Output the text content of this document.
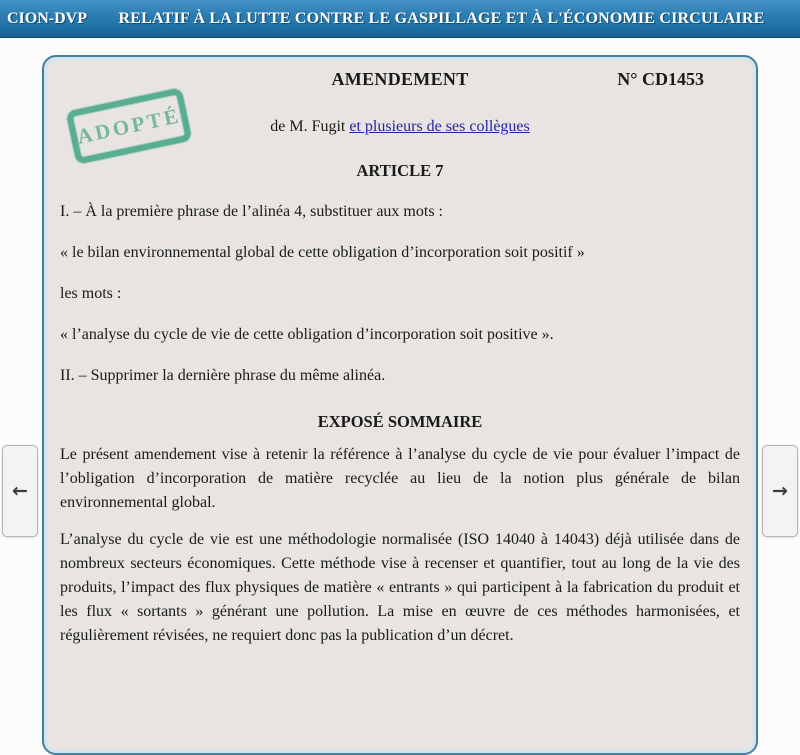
CION-DVP	RELATIF À LA LUTTE CONTRE LE GASPILLAGE ET À L'ÉCONOMIE CIRCULAIRE
AMENDEMENT	N° CD1453
ADOPTÉ	de M. Fugit et plusieurs de ses collègues

ARTICLE 7

I. – À la première phrase de l’alinéa 4, substituer aux mots :

« le bilan environnemental global de cette obligation d’incorporation soit positif »

les mots :

« l’analyse du cycle de vie de cette obligation d’incorporation soit positive ».

II. – Supprimer la dernière phrase du même alinéa.

EXPOSÉ SOMMAIRE

Le présent amendement vise à retenir la référence à l’analyse du cycle de vie pour évaluer l’impact de l’obligation d’incorporation de matière recyclée au lieu de la notion plus générale de bilan environnemental global.

L’analyse du cycle de vie est une méthodologie normalisée (ISO 14040 à 14043) déjà utilisée dans de nombreux secteurs économiques. Cette méthode vise à recenser et quantifier, tout au long de la vie des produits, l’impact des flux physiques de matière « entrants » qui participent à la fabrication du produit et les flux « sortants » générant une pollution. La mise en œuvre de ces méthodes harmonisées, et régulièrement révisées, ne requiert donc pas la publication d’un décret.

←	→
